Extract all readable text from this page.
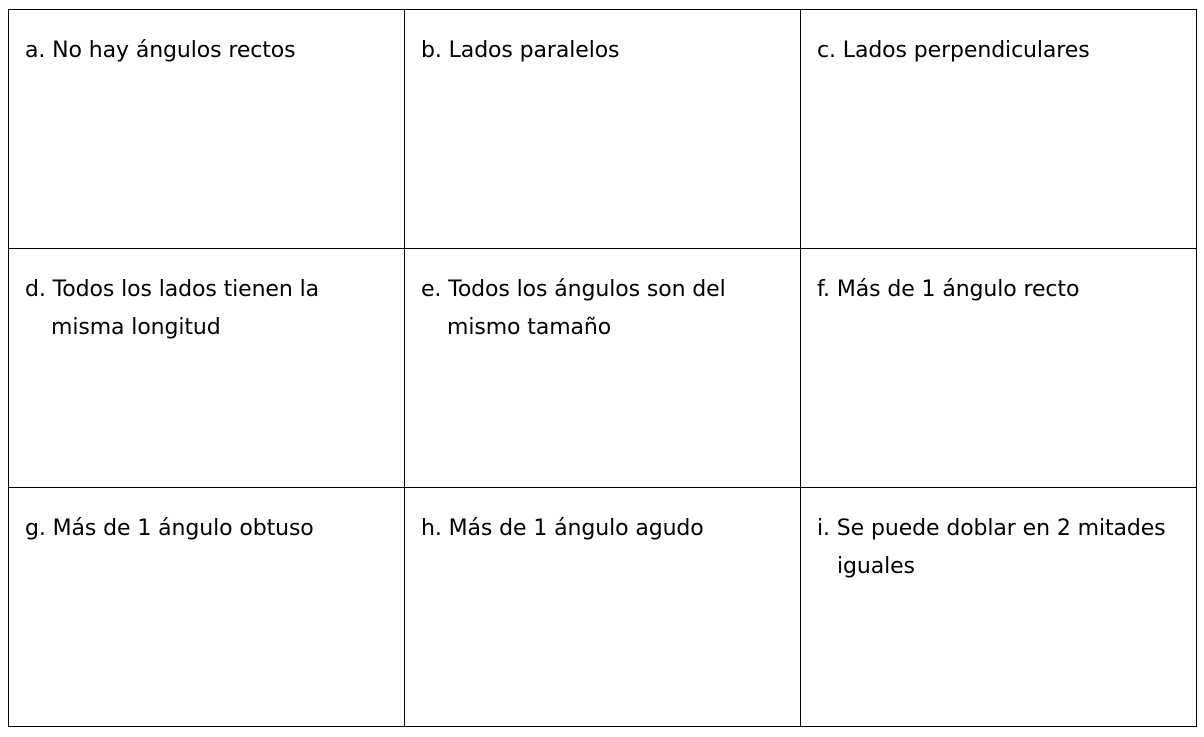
a. No hay ángulos rectos	b. Lados paralelos	c. Lados perpendiculares

d. Todos los lados tienen la
misma longitud	e. Todos los ángulos son del
mismo tamaño	f. Más de 1 ángulo recto

g. Más de 1 ángulo obtuso	h. Más de 1 ángulo agudo	i. Se puede doblar en 2 mitades
iguales
